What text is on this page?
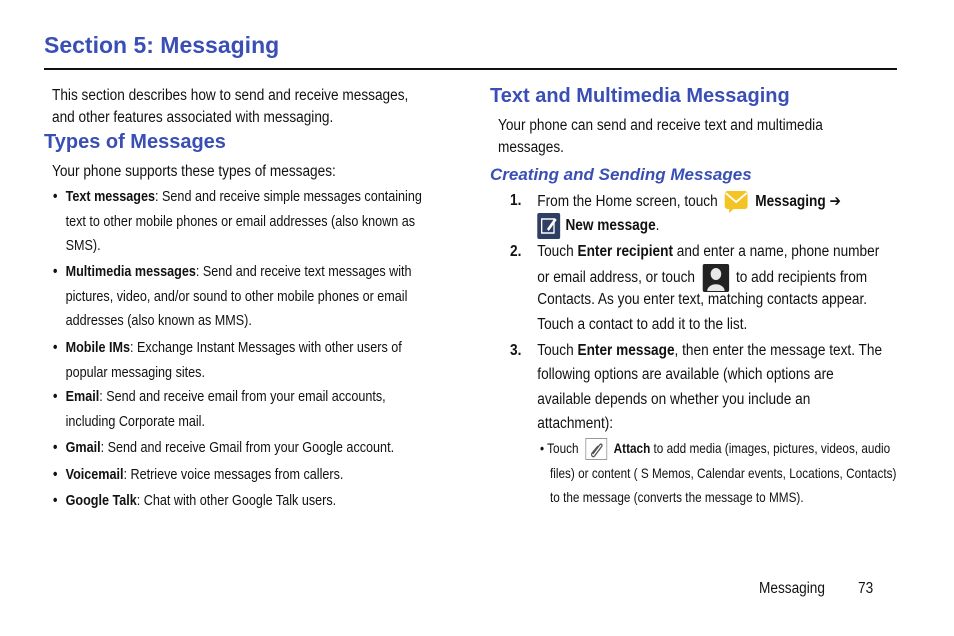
Section 5: Messaging
This section describes how to send and receive messages,
and other features associated with messaging.
Types of Messages
Your phone supports these types of messages:
• Text messages: Send and receive simple messages containing
text to other mobile phones or email addresses (also known as
SMS).
• Multimedia messages: Send and receive text messages with
pictures, video, and/or sound to other mobile phones or email
addresses (also known as MMS).
• Mobile IMs: Exchange Instant Messages with other users of
popular messaging sites.
• Email: Send and receive email from your email accounts,
including Corporate mail.
• Gmail: Send and receive Gmail from your Google account.
• Voicemail: Retrieve voice messages from callers.
• Google Talk: Chat with other Google Talk users.
Text and Multimedia Messaging
Your phone can send and receive text and multimedia
messages.
Creating and Sending Messages
1.	From the Home screen, touch Messaging ➔
New message.
2.	Touch Enter recipient and enter a name, phone number
or email address, or touch	to add recipients from
Contacts. As you enter text, matching contacts appear.
Touch a contact to add it to the list.
3.	Touch Enter message, then enter the message text. The
following options are available (which options are
available depends on whether you include an
attachment):
• Touch	Attach to add media (images, pictures, videos, audio
files) or content ( S Memos, Calendar events, Locations, Contacts)
to the message (converts the message to MMS).
Messaging 73
